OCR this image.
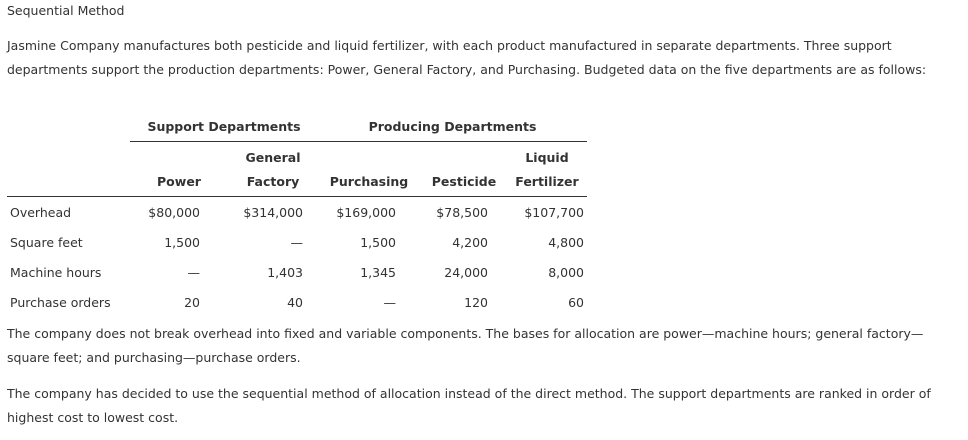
Sequential Method
Jasmine Company manufactures both pesticide and liquid fertilizer, with each product manufactured in separate departments. Three support departments support the production departments: Power, General Factory, and Purchasing. Budgeted data on the five departments are as follows:
Support Departments	Producing Departments
General	Liquid
Power	Factory	Purchasing	Pesticide	Fertilizer
Overhead	$80,000	$314,000	$169,000	$78,500	$107,700
Square feet	1,500	—	1,500	4,200	4,800
Machine hours	—	1,403	1,345	24,000	8,000
Purchase orders	20	40	—	120	60
The company does not break overhead into fixed and variable components. The bases for allocation are power—machine hours; general factory—square feet; and purchasing—purchase orders.
The company has decided to use the sequential method of allocation instead of the direct method. The support departments are ranked in order of highest cost to lowest cost.
